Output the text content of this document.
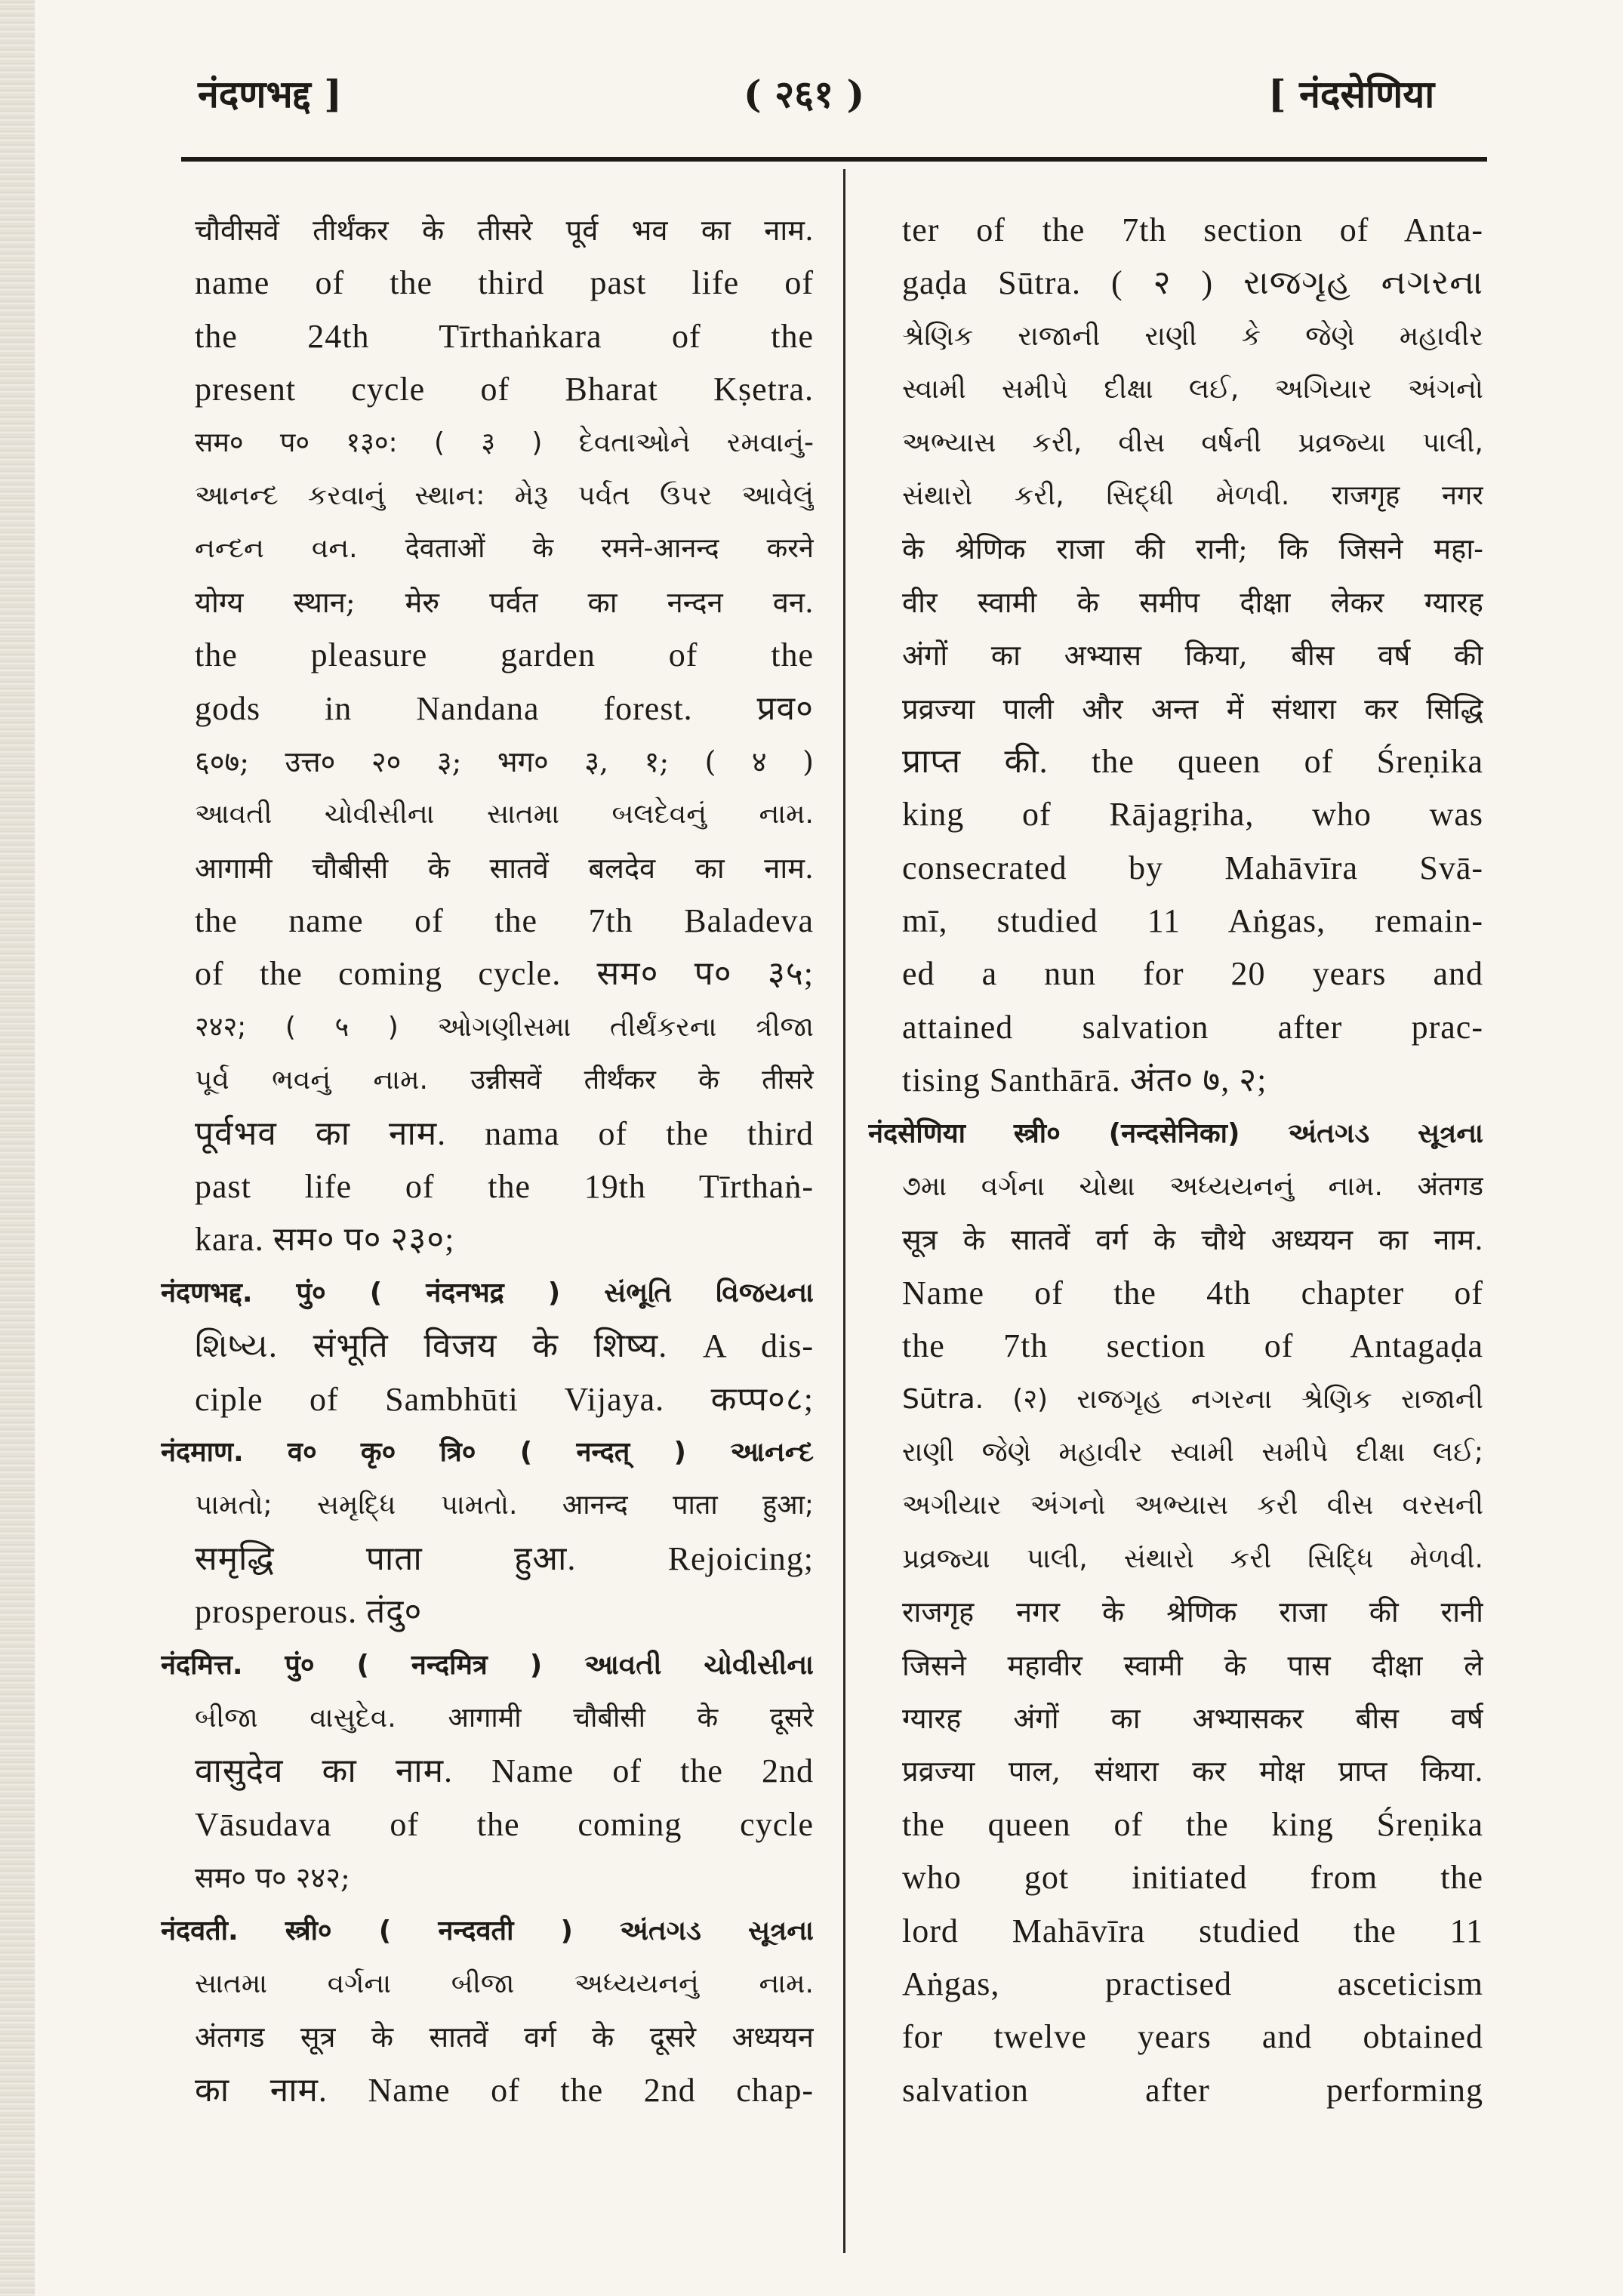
नंदणभद्द ]	( २६१ )	[ नंदसेणिया
चौवीसवें तीर्थंकर के तीसरे पूर्व भव का नाम.
name of the third past life of
the 24th Tīrthaṅkara of the
present cycle of Bharat Kṣetra.
सम० प० १३०: ( ३ ) દેવતાઓને રમવાનું-
આનન્દ કરવાનું સ્થાન: મેરૂ પર્વત ઉપર આવેલું
નન્દન વન. देवताओं के रमने-आनन्द करने
योग्य स्थान; मेरु पर्वत का नन्दन वन.
the pleasure garden of the
gods in Nandana forest. प्रव०
६०७; उत्त० २० ३; भग० ३, १; ( ४ )
આવતી ચોવીસીના સાતમા બલદેવનું નામ.
आगामी चौबीसी के सातवें बलदेव का नाम.
the name of the 7th Baladeva
of the coming cycle. सम० प० ३५;
२४२; ( ५ ) ઓગણીસમા તીર્થંકરના ત્રીજા
પૂર્વ ભવનું નામ. उन्नीसवें तीर्थंकर के तीसरे
पूर्वभव का नाम. nama of the third
past life of the 19th Tīrthaṅ-
kara. सम० प० २३०;
नंदणभद्द. पुं० ( नंदनभद्र ) સંભૂતિ વિજયના
શિષ્ય. संभूति विजय के शिष्य. A dis-
ciple of Sambhūti Vijaya. कप्प०८;
नंदमाण. व० कृ० त्रि० ( नन्दत् ) આનન્દ
પામતો; સમૃદ્ધિ પામતો. आनन्द पाता हुआ;
समृद्धि पाता हुआ. Rejoicing;
prosperous. तंदु०
नंदमित्त. पुं० ( नन्दमित्र ) આવતી ચોવીસીના
બીજા વાસુદેવ. आगामी चौबीसी के दूसरे
वासुदेव का नाम. Name of the 2nd
Vāsudava of the coming cycle
सम० प० २४२;
नंदवती. स्त्री० ( नन्दवती ) અંતગડ સૂત્રના
સાતમા વર્ગના બીજા અધ્યયનનું નામ.
अंतगड सूत्र के सातवें वर्ग के दूसरे अध्ययन
का नाम. Name of the 2nd chap-
ter of the 7th section of Anta-
gaḍa Sūtra. ( २ ) રાજગૃહ નગરના
શ્રેણિક રાજાની રાણી કે જેણે મહાવીર
સ્વામી સમીપે દીક્ષા લઈ, અગિયાર અંગનો
અભ્યાસ કરી, વીસ વર્ષની પ્રવ્રજ્યા પાલી,
સંથારો કરી, સિદ્ધી મેળવી. राजगृह नगर
के श्रेणिक राजा की रानी; कि जिसने महा-
वीर स्वामी के समीप दीक्षा लेकर ग्यारह
अंगों का अभ्यास किया, बीस वर्ष की
प्रव्रज्या पाली और अन्त में संथारा कर सिद्धि
प्राप्त की. the queen of Śreṇika
king of Rājagṛiha, who was
consecrated by Mahāvīra Svā-
mī, studied 11 Aṅgas, remain-
ed a nun for 20 years and
attained salvation after prac-
tising Santhārā. अंत० ७, २;
नंदसेणिया स्त्री० (नन्दसेनिका) અંતગડ સૂત્રના
૭મા વર્ગના ચોથા અધ્યયનનું નામ. अंतगड
सूत्र के सातवें वर्ग के चौथे अध्ययन का नाम.
Name of the 4th chapter of
the 7th section of Antagaḍa
Sūtra. (२) રાજગૃહ નગરના શ્રેણિક રાજાની
રાણી જેણે મહાવીર સ્વામી સમીપે દીક્ષા લઈ;
અગીયાર અંગનો અભ્યાસ કરી વીસ વરસની
પ્રવ્રજ્યા પાલી, સંથારો કરી સિદ્ધિ મેળવી.
राजगृह नगर के श्रेणिक राजा की रानी
जिसने महावीर स्वामी के पास दीक्षा ले
ग्यारह अंगों का अभ्यासकर बीस वर्ष
प्रव्रज्या पाल, संथारा कर मोक्ष प्राप्त किया.
the queen of the king Śreṇika
who got initiated from the
lord Mahāvīra studied the 11
Aṅgas, practised asceticism
for twelve years and obtained
salvation after performing
